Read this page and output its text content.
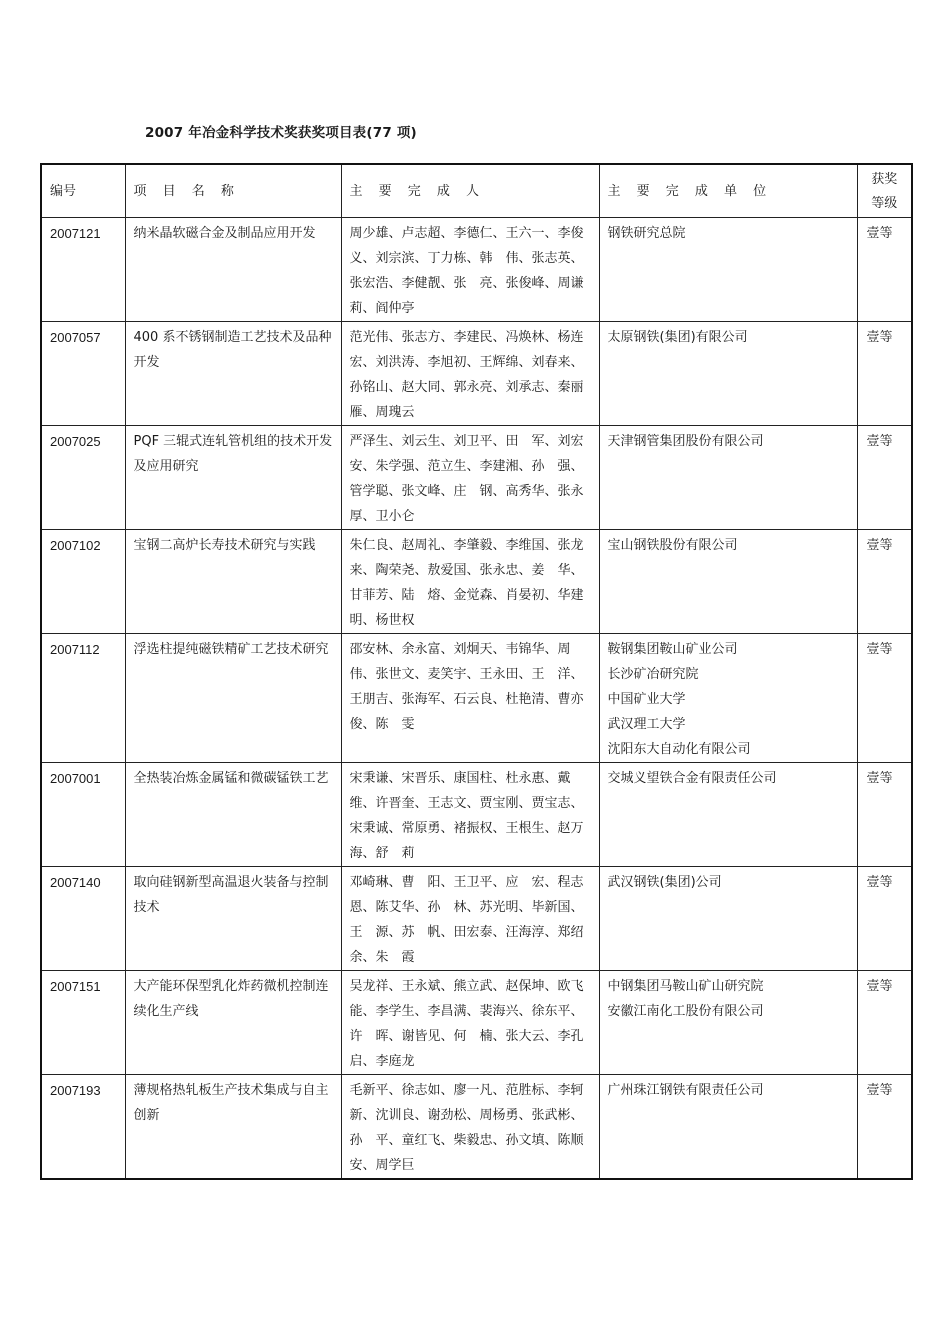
2007 年冶金科学技术奖获奖项目表(77 项)
编号	项 目 名 称	主 要 完 成 人	主 要 完 成 单 位	获奖
等级
2007121	纳米晶软磁合金及制品应用开发	周少雄、卢志超、李德仁、王六一、李俊义、刘宗滨、丁力栋、韩　伟、张志英、张宏浩、李健靓、张　亮、张俊峰、周谦莉、阎仲亭	钢铁研究总院	壹等
2007057	400 系不锈钢制造工艺技术及品种开发	范光伟、张志方、李建民、冯焕林、杨连宏、刘洪涛、李旭初、王辉绵、刘春来、孙铭山、赵大同、郭永亮、刘承志、秦丽雁、周瑰云	太原钢铁(集团)有限公司	壹等
2007025	PQF 三辊式连轧管机组的技术开发及应用研究	严泽生、刘云生、刘卫平、田　军、刘宏安、朱学强、范立生、李建湘、孙　强、管学聪、张文峰、庄　钢、高秀华、张永厚、卫小仑	天津钢管集团股份有限公司	壹等
2007102	宝钢二高炉长寿技术研究与实践	朱仁良、赵周礼、李肇毅、李维国、张龙来、陶荣尧、敖爱国、张永忠、姜　华、甘菲芳、陆　熔、金觉森、肖晏初、华建明、杨世权	宝山钢铁股份有限公司	壹等
2007112	浮选柱提纯磁铁精矿工艺技术研究	邵安林、余永富、刘炯天、韦锦华、周伟、张世文、麦笑宇、王永田、王　洋、王朋吉、张海军、石云良、杜艳清、曹亦俊、陈　雯	鞍钢集团鞍山矿业公司
长沙矿冶研究院
中国矿业大学
武汉理工大学
沈阳东大自动化有限公司	壹等
2007001	全热装冶炼金属锰和微碳锰铁工艺	宋秉谦、宋晋乐、康国柱、杜永惠、戴维、许晋奎、王志文、贾宝刚、贾宝志、宋秉诚、常原勇、褚振权、王根生、赵万海、舒　莉	交城义望铁合金有限责任公司	壹等
2007140	取向硅钢新型高温退火装备与控制技术	邓崎琳、曹　阳、王卫平、应　宏、程志恩、陈艾华、孙　林、苏光明、毕新国、王　源、苏　帆、田宏泰、汪海淳、郑绍余、朱　霞	武汉钢铁(集团)公司	壹等
2007151	大产能环保型乳化炸药微机控制连续化生产线	吴龙祥、王永斌、熊立武、赵保坤、欧飞能、李学生、李昌满、裴海兴、徐东平、许　晖、谢皆见、何　楠、张大云、李孔启、李庭龙	中钢集团马鞍山矿山研究院
安徽江南化工股份有限公司	壹等
2007193	薄规格热轧板生产技术集成与自主创新	毛新平、徐志如、廖一凡、范胜标、李轲新、沈训良、谢劲松、周杨勇、张武彬、孙　平、童红飞、柴毅忠、孙文填、陈顺安、周学巨	广州珠江钢铁有限责任公司	壹等
